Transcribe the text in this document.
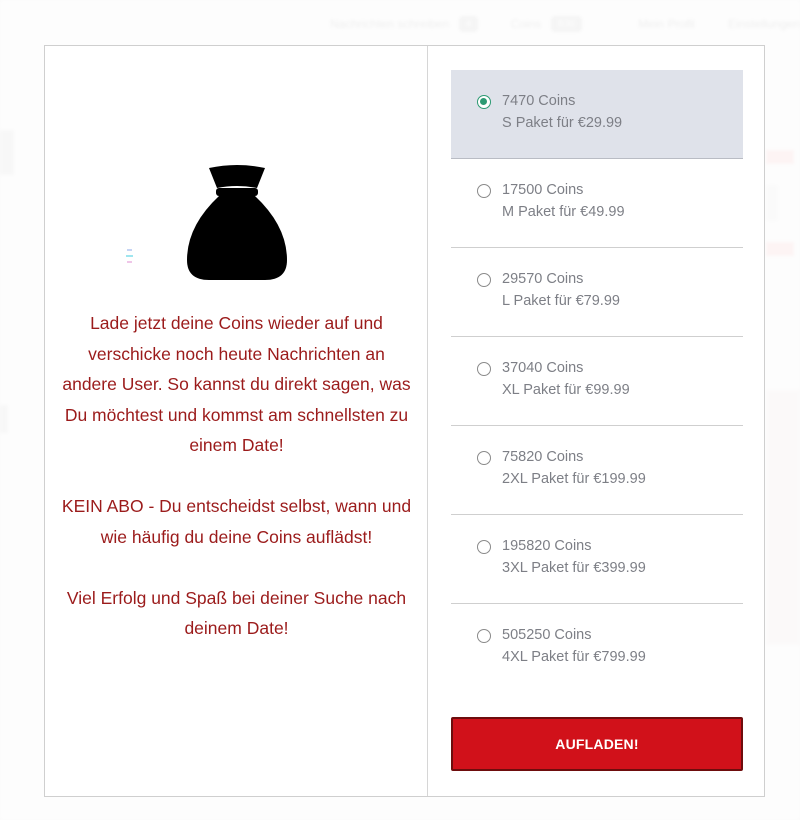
Lade jetzt deine Coins wieder auf und verschicke noch heute Nachrichten an andere User. So kannst du direkt sagen, was Du möchtest und kommst am schnellsten zu einem Date!

KEIN ABO - Du entscheidst selbst, wann und wie häufig du deine Coins auflädst!

Viel Erfolg und Spaß bei deiner Suche nach deinem Date!

7470 Coins
S Paket für €29.99
17500 Coins
M Paket für €49.99
29570 Coins
L Paket für €79.99
37040 Coins
XL Paket für €99.99
75820 Coins
2XL Paket für €199.99
195820 Coins
3XL Paket für €399.99
505250 Coins
4XL Paket für €799.99
AUFLADEN!
